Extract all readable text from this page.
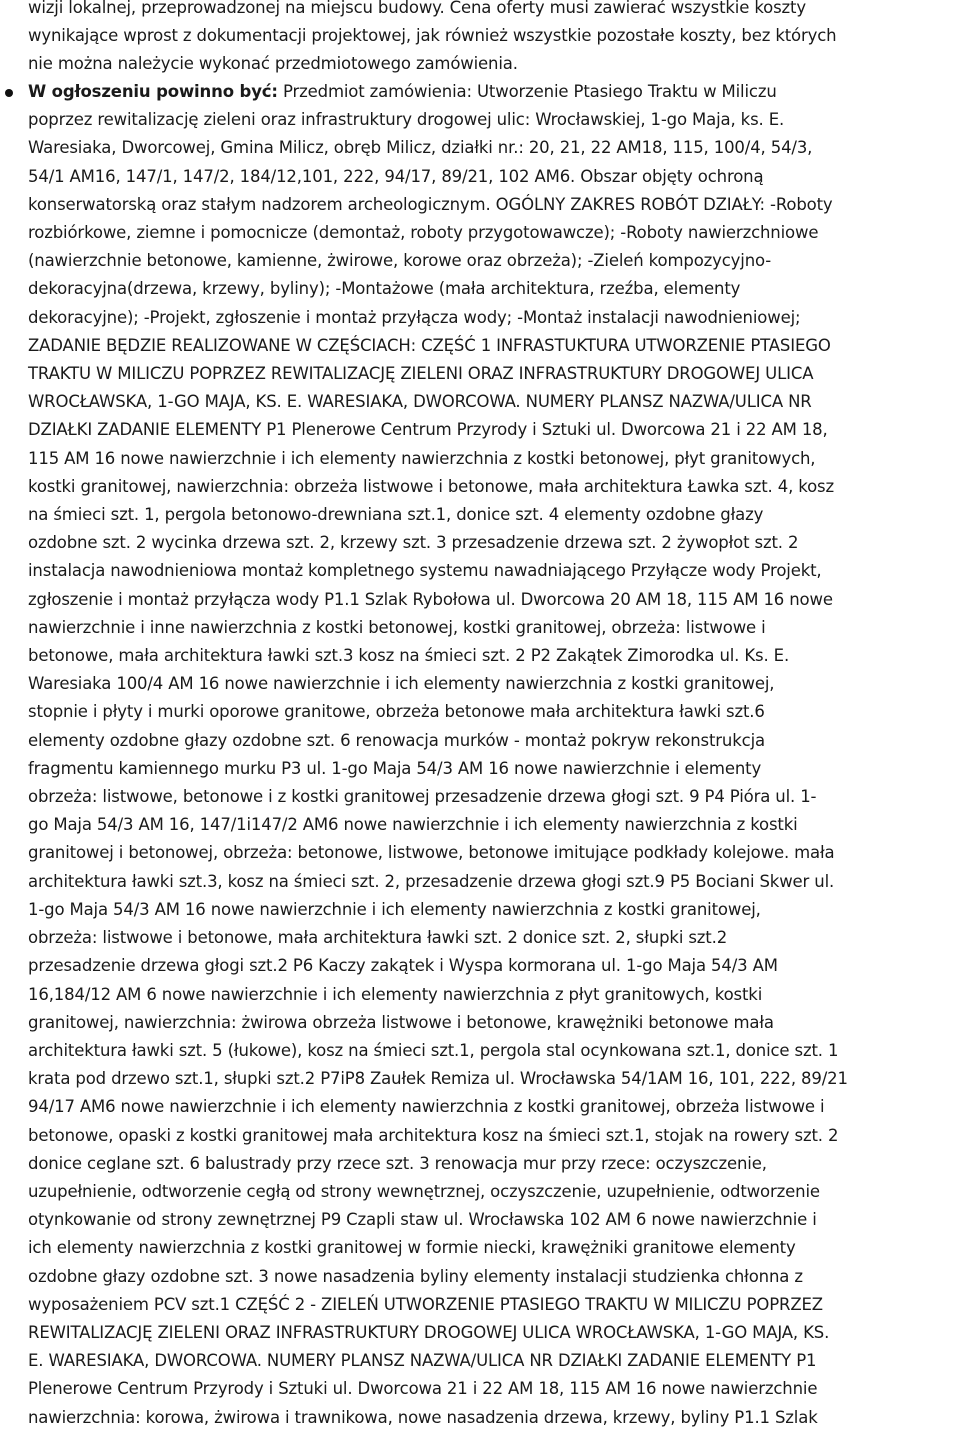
wizji lokalnej, przeprowadzonej na miejscu budowy. Cena oferty musi zawierać wszystkie koszty
wynikające wprost z dokumentacji projektowej, jak również wszystkie pozostałe koszty, bez których
nie można należycie wykonać przedmiotowego zamówienia.
W ogłoszeniu powinno być: Przedmiot zamówienia: Utworzenie Ptasiego Traktu w Miliczu
poprzez rewitalizację zieleni oraz infrastruktury drogowej ulic: Wrocławskiej, 1-go Maja, ks. E.
Waresiaka, Dworcowej, Gmina Milicz, obręb Milicz, działki nr.: 20, 21, 22 AM18, 115, 100/4, 54/3,
54/1 AM16, 147/1, 147/2, 184/12,101, 222, 94/17, 89/21, 102 AM6. Obszar objęty ochroną
konserwatorską oraz stałym nadzorem archeologicznym. OGÓLNY ZAKRES ROBÓT DZIAŁY: -Roboty
rozbiórkowe, ziemne i pomocnicze (demontaż, roboty przygotowawcze); -Roboty nawierzchniowe
(nawierzchnie betonowe, kamienne, żwirowe, korowe oraz obrzeża); -Zieleń kompozycyjno-
dekoracyjna(drzewa, krzewy, byliny); -Montażowe (mała architektura, rzeźba, elementy
dekoracyjne); -Projekt, zgłoszenie i montaż przyłącza wody; -Montaż instalacji nawodnieniowej;
ZADANIE BĘDZIE REALIZOWANE W CZĘŚCIACH: CZĘŚĆ 1 INFRASTUKTURA UTWORZENIE PTASIEGO
TRAKTU W MILICZU POPRZEZ REWITALIZACJĘ ZIELENI ORAZ INFRASTRUKTURY DROGOWEJ ULICA
WROCŁAWSKA, 1-GO MAJA, KS. E. WARESIAKA, DWORCOWA. NUMERY PLANSZ NAZWA/ULICA NR
DZIAŁKI ZADANIE ELEMENTY P1 Plenerowe Centrum Przyrody i Sztuki ul. Dworcowa 21 i 22 AM 18,
115 AM 16 nowe nawierzchnie i ich elementy nawierzchnia z kostki betonowej, płyt granitowych,
kostki granitowej, nawierzchnia: obrzeża listwowe i betonowe, mała architektura Ławka szt. 4, kosz
na śmieci szt. 1, pergola betonowo-drewniana szt.1, donice szt. 4 elementy ozdobne głazy
ozdobne szt. 2 wycinka drzewa szt. 2, krzewy szt. 3 przesadzenie drzewa szt. 2 żywopłot szt. 2
instalacja nawodnieniowa montaż kompletnego systemu nawadniającego Przyłącze wody Projekt,
zgłoszenie i montaż przyłącza wody P1.1 Szlak Rybołowa ul. Dworcowa 20 AM 18, 115 AM 16 nowe
nawierzchnie i inne nawierzchnia z kostki betonowej, kostki granitowej, obrzeża: listwowe i
betonowe, mała architektura ławki szt.3 kosz na śmieci szt. 2 P2 Zakątek Zimorodka ul. Ks. E.
Waresiaka 100/4 AM 16 nowe nawierzchnie i ich elementy nawierzchnia z kostki granitowej,
stopnie i płyty i murki oporowe granitowe, obrzeża betonowe mała architektura ławki szt.6
elementy ozdobne głazy ozdobne szt. 6 renowacja murków - montaż pokryw rekonstrukcja
fragmentu kamiennego murku P3 ul. 1-go Maja 54/3 AM 16 nowe nawierzchnie i elementy
obrzeża: listwowe, betonowe i z kostki granitowej przesadzenie drzewa głogi szt. 9 P4 Pióra ul. 1-
go Maja 54/3 AM 16, 147/1i147/2 AM6 nowe nawierzchnie i ich elementy nawierzchnia z kostki
granitowej i betonowej, obrzeża: betonowe, listwowe, betonowe imitujące podkłady kolejowe. mała
architektura ławki szt.3, kosz na śmieci szt. 2, przesadzenie drzewa głogi szt.9 P5 Bociani Skwer ul.
1-go Maja 54/3 AM 16 nowe nawierzchnie i ich elementy nawierzchnia z kostki granitowej,
obrzeża: listwowe i betonowe, mała architektura ławki szt. 2 donice szt. 2, słupki szt.2
przesadzenie drzewa głogi szt.2 P6 Kaczy zakątek i Wyspa kormorana ul. 1-go Maja 54/3 AM
16,184/12 AM 6 nowe nawierzchnie i ich elementy nawierzchnia z płyt granitowych, kostki
granitowej, nawierzchnia: żwirowa obrzeża listwowe i betonowe, krawężniki betonowe mała
architektura ławki szt. 5 (łukowe), kosz na śmieci szt.1, pergola stal ocynkowana szt.1, donice szt. 1
krata pod drzewo szt.1, słupki szt.2 P7iP8 Zaułek Remiza ul. Wrocławska 54/1AM 16, 101, 222, 89/21
94/17 AM6 nowe nawierzchnie i ich elementy nawierzchnia z kostki granitowej, obrzeża listwowe i
betonowe, opaski z kostki granitowej mała architektura kosz na śmieci szt.1, stojak na rowery szt. 2
donice ceglane szt. 6 balustrady przy rzece szt. 3 renowacja mur przy rzece: oczyszczenie,
uzupełnienie, odtworzenie cegłą od strony wewnętrznej, oczyszczenie, uzupełnienie, odtworzenie
otynkowanie od strony zewnętrznej P9 Czapli staw ul. Wrocławska 102 AM 6 nowe nawierzchnie i
ich elementy nawierzchnia z kostki granitowej w formie niecki, krawężniki granitowe elementy
ozdobne głazy ozdobne szt. 3 nowe nasadzenia byliny elementy instalacji studzienka chłonna z
wyposażeniem PCV szt.1 CZĘŚĆ 2 - ZIELEŃ UTWORZENIE PTASIEGO TRAKTU W MILICZU POPRZEZ
REWITALIZACJĘ ZIELENI ORAZ INFRASTRUKTURY DROGOWEJ ULICA WROCŁAWSKA, 1-GO MAJA, KS.
E. WARESIAKA, DWORCOWA. NUMERY PLANSZ NAZWA/ULICA NR DZIAŁKI ZADANIE ELEMENTY P1
Plenerowe Centrum Przyrody i Sztuki ul. Dworcowa 21 i 22 AM 18, 115 AM 16 nowe nawierzchnie
nawierzchnia: korowa, żwirowa i trawnikowa, nowe nasadzenia drzewa, krzewy, byliny P1.1 Szlak
